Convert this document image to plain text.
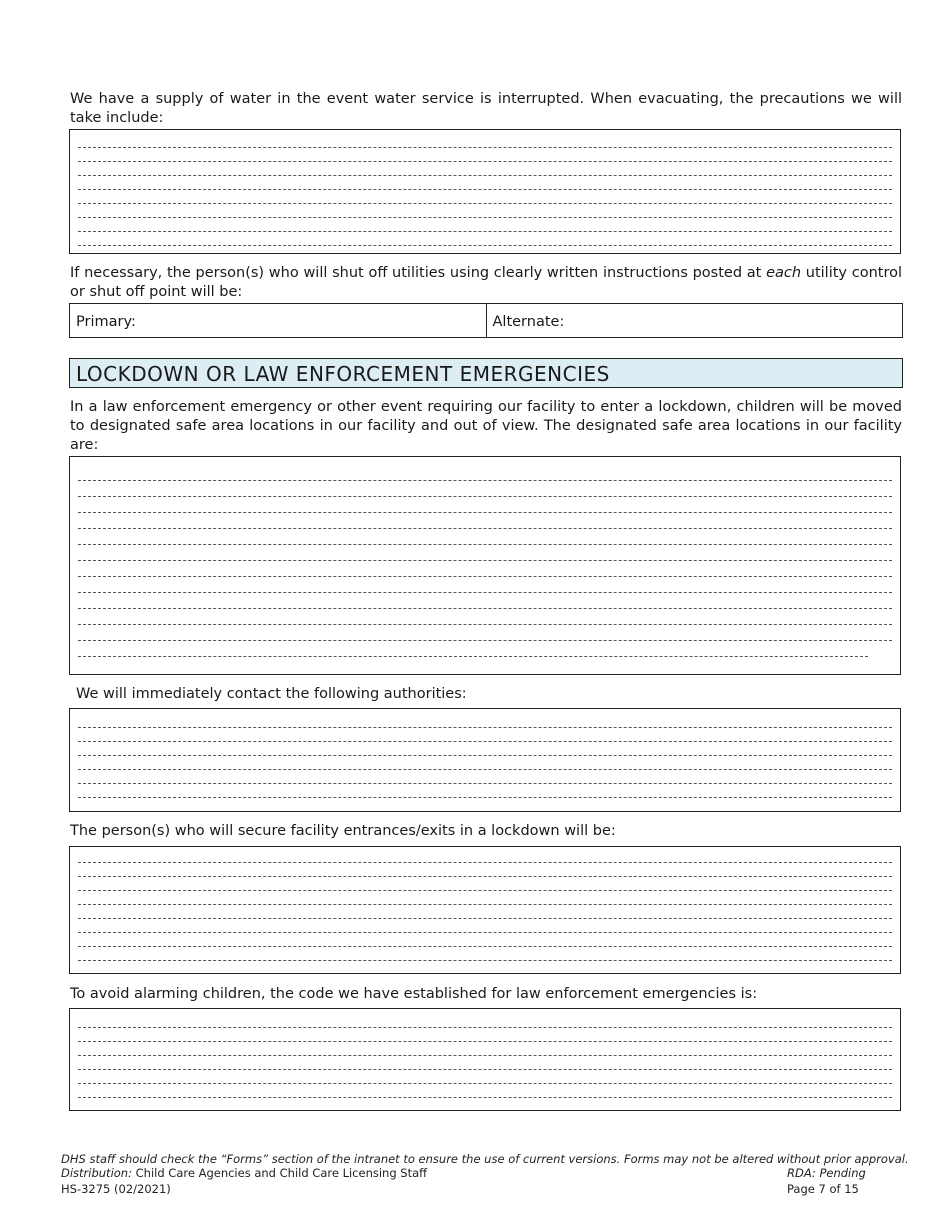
We have a supply of water in the event water service is interrupted. When evacuating, the precautions we will take include:
If necessary, the person(s) who will shut off utilities using clearly written instructions posted at each utility control or shut off point will be:
Primary:	Alternate:
LOCKDOWN OR LAW ENFORCEMENT EMERGENCIES
In a law enforcement emergency or other event requiring our facility to enter a lockdown, children will be moved to designated safe area locations in our facility and out of view. The designated safe area locations in our facility are:
We will immediately contact the following authorities:
The person(s) who will secure facility entrances/exits in a lockdown will be:
To avoid alarming children, the code we have established for law enforcement emergencies is:
DHS staff should check the “Forms” section of the intranet to ensure the use of current versions. Forms may not be altered without prior approval.
Distribution: Child Care Agencies and Child Care Licensing Staff
HS-3275 (02/2021)
RDA: Pending
Page 7 of 15
